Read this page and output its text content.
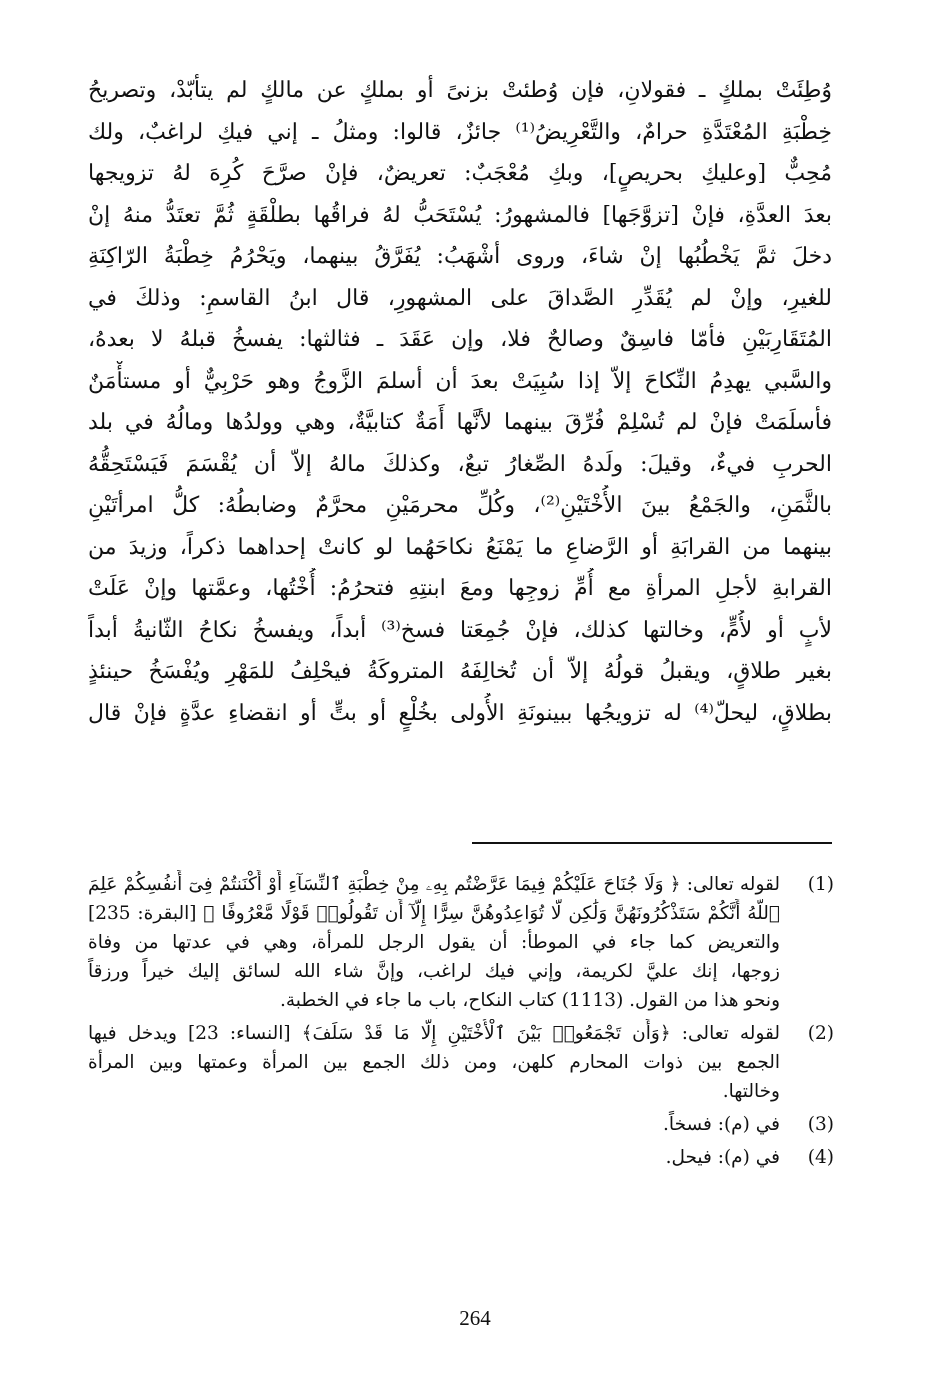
وُطِئَتْ بملكٍ ـ فقولانِ، فإن وُطئتْ بزنىً أو بملكٍ عن مالكٍ لم يتأبّدْ، وتصريحُ
خِطْبَةِ المُعْتَدَّةِ حرامٌ، والتَّعْرِيضُ⁽¹⁾ جائزٌ، قالوا: ومثلُ ـ إني فيكِ لراغبٌ، ولك
مُحِبٌّ [وعليكِ بحريصٍ]، وبكِ مُعْجَبٌ: تعريضٌ، فإنْ صرَّحَ كُرِهَ لهُ تزويجها
بعدَ العدَّةِ، فإنْ [تزوَّجَها] فالمشهورُ: يُسْتَحَبُّ لهُ فراقُها بطلْقَةٍ ثُمَّ تعتَدُّ منهُ إنْ
دخلَ ثمَّ يَخْطُبُها إنْ شاءَ، وروى أشْهَبُ: يُفَرَّقُ بينهما، ويَحْرُمُ خِطْبَةُ الرّاكِنَةِ
للغيرِ، وإنْ لم يُقَدِّرِ الصَّداقَ على المشهورِ، قال ابنُ القاسمِ: وذلكَ في
المُتَقَارِبَيْنِ فأمّا فاسِقٌ وصالحٌ فلا، وإن عَقَدَ ـ فثالثها: يفسخُ قبلهُ لا بعدهُ،
والسَّبي يهدِمُ النِّكاحَ إلاّ إذا سُبِيَتْ بعدَ أن أسلمَ الزَّوجُ وهو حَرْبِيٌّ أو مستأْمَنٌ
فأسلَمَتْ فإنْ لم تُسْلِمْ فُرِّقَ بينهما لأنَّها أَمَةٌ كتابيَّةٌ، وهي وولدُها ومالُهُ في بلد
الحربِ فيءٌ، وقيلَ: ولَدهُ الصِّغارُ تبعٌ، وكذلكَ مالهُ إلاّ أن يُقْسَمَ فَيَسْتَحِقُّهُ
بالثَّمَنِ، والجَمْعُ بينَ الأُخْتَيْنِ⁽²⁾، وكُلِّ محرمَيْنِ محرَّمٌ وضابطُهُ: كلُّ امرأتَيْنِ
بينهما من القرابَةِ أو الرَّضاعِ ما يَمْنَعُ نكاحَهُما لو كانتْ إحداهما ذكراً، وزيدَ من
القرابةِ لأجلِ المرأةِ مع أُمِّ زوجِها ومعَ ابنتِهِ فتحرُمُ: أُخْتُها، وعمَّتها وإنْ عَلَتْ
لأبٍ أو لأُمٍّ، وخالتها كذلك، فإنْ جُمِعَتا فسخ⁽³⁾ أبداً، ويفسخُ نكاحُ الثّانيةُ أبداً
بغير طلاقٍ، ويقبلُ قولُهُ إلاّ أن تُخالِفَهُ المتروكَةُ فيحْلِفُ للمَهْرِ ويُفْسَخُ حينئذٍ
بطلاقٍ، ليحلّ⁽⁴⁾ له تزويجُها ببينونَةِ الأُولى بخُلْعٍ أو بتٍّ أو انقضاءِ عدَّةٍ فإنْ قال
(1)
لقوله تعالى: ﴿ وَلَا جُنَاحَ عَلَيْكُمْ فِيمَا عَرَّضْتُم بِهِۦ مِنْ خِطْبَةِ ٱلنِّسَآءِ أَوْ أَكْنَنتُمْ فِىٓ أَنفُسِكُمْ عَلِمَ
ٱللَّهُ أَنَّكُمْ سَتَذْكُرُونَهُنَّ وَلَٰكِن لَّا تُوَاعِدُوهُنَّ سِرًّا إِلَّآ أَن تَقُولُوا۟ قَوْلًا مَّعْرُوفًا ﴾ [البقرة: 235]
والتعريض كما جاء في الموطأ: أن يقول الرجل للمرأة، وهي في عدتها من وفاة
زوجها، إنك عليَّ لكريمة، وإني فيك لراغب، وإنَّ شاء الله لسائق إليك خيراً ورزقاً
ونحو هذا من القول. (1113) كتاب النكاح، باب ما جاء في الخطبة.
(2)
لقوله تعالى: ﴿وَأَن تَجْمَعُوا۟ بَيْنَ ٱلْأُخْتَيْنِ إِلَّا مَا قَدْ سَلَفَ﴾ [النساء: 23] ويدخل فيها
الجمع بين ذوات المحارم كلهن، ومن ذلك الجمع بين المرأة وعمتها وبين المرأة
وخالتها.
(3)
في (م): فسخاً.
(4)
في (م): فيحل.
264
